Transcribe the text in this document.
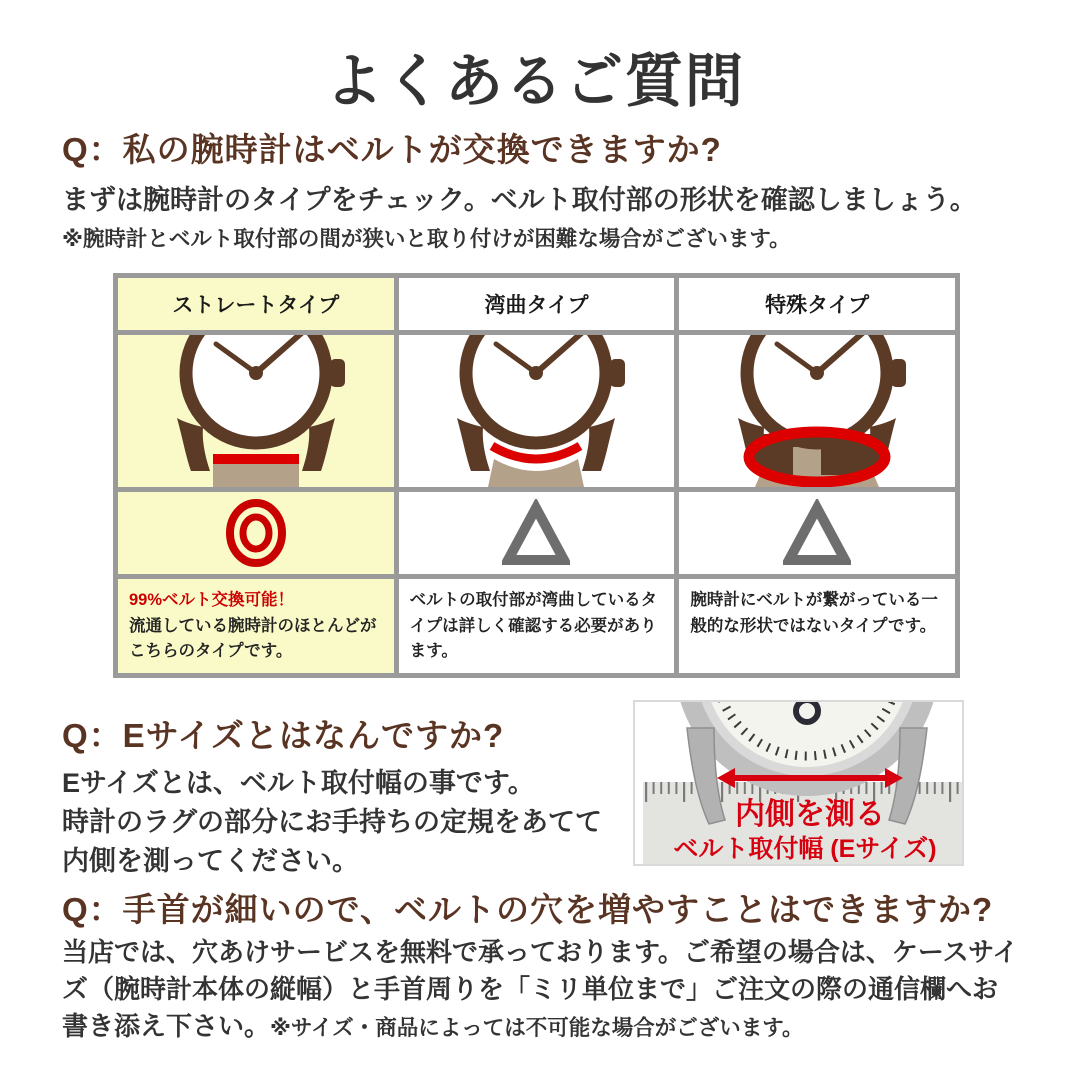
よくあるご質問
Q：私の腕時計はベルトが交換できますか?

まずは腕時計のタイプをチェック。ベルト取付部の形状を確認しましょう。

※腕時計とベルト取付部の間が狭いと取り付けが困難な場合がございます。

ストレートタイプ	湾曲タイプ	特殊タイプ
99%ベルト交換可能！
流通している腕時計のほとんどがこちらのタイプです。
ベルトの取付部が湾曲しているタイプは詳しく確認する必要があります。
腕時計にベルトが繋がっている一般的な形状ではないタイプです。
Q：Eサイズとはなんですか?
Eサイズとは、ベルト取付幅の事です。
時計のラグの部分にお手持ちの定規をあてて
内側を測ってください。
内側を測る
ベルト取付幅 (Eサイズ)
Q：手首が細いので、ベルトの穴を増やすことはできますか?

当店では、穴あけサービスを無料で承っております。ご希望の場合は、ケースサイズ（腕時計本体の縦幅）と手首周りを「ミリ単位まで」ご注文の際の通信欄へお書き添え下さい。※サイズ・商品によっては不可能な場合がございます。
